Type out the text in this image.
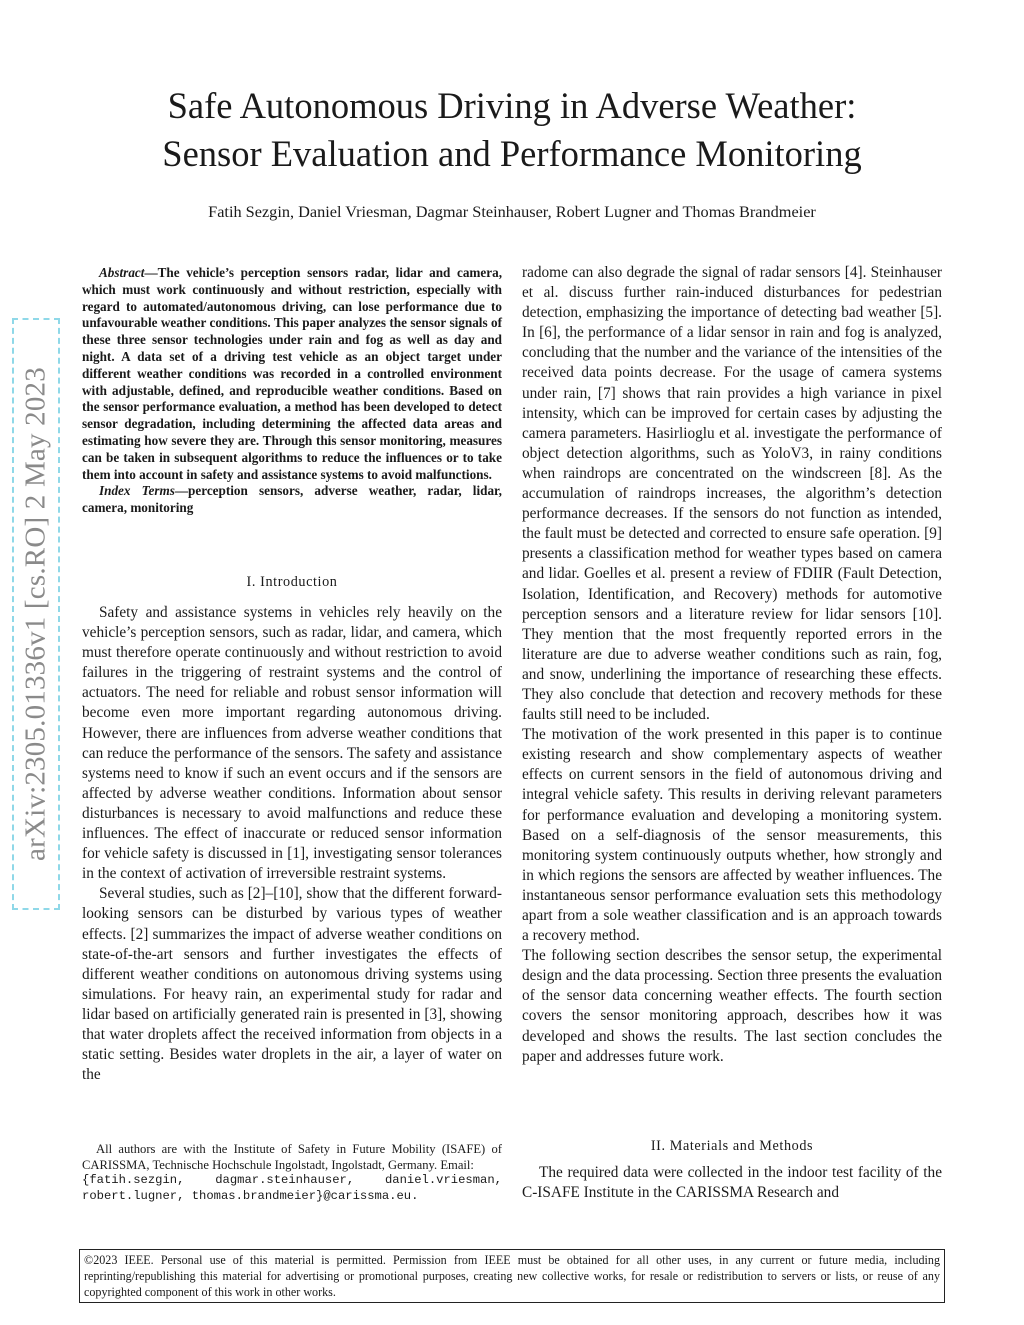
Safe Autonomous Driving in Adverse Weather:
Sensor Evaluation and Performance Monitoring
Fatih Sezgin, Daniel Vriesman, Dagmar Steinhauser, Robert Lugner and Thomas Brandmeier
arXiv:2305.01336v1 [cs.RO] 2 May 2023

Abstract—The vehicle’s perception sensors radar, lidar and camera, which must work continuously and without restriction, especially with regard to automated/autonomous driving, can lose performance due to unfavourable weather conditions. This paper analyzes the sensor signals of these three sensor technologies under rain and fog as well as day and night. A data set of a driving test vehicle as an object target under different weather conditions was recorded in a controlled environment with adjustable, defined, and reproducible weather conditions. Based on the sensor performance evaluation, a method has been developed to detect sensor degradation, including determining the affected data areas and estimating how severe they are. Through this sensor monitoring, measures can be taken in subsequent algorithms to reduce the influences or to take them into account in safety and assistance systems to avoid malfunctions.

Index Terms—perception sensors, adverse weather, radar, lidar, camera, monitoring

I. Introduction

Safety and assistance systems in vehicles rely heavily on the vehicle’s perception sensors, such as radar, lidar, and camera, which must therefore operate continuously and without restriction to avoid failures in the triggering of restraint systems and the control of actuators. The need for reliable and robust sensor information will become even more important regarding autonomous driving. However, there are influences from adverse weather conditions that can reduce the performance of the sensors. The safety and assistance systems need to know if such an event occurs and if the sensors are affected by adverse weather conditions. Information about sensor disturbances is necessary to avoid malfunctions and reduce these influences. The effect of inaccurate or reduced sensor information for vehicle safety is discussed in [1], investigating sensor tolerances in the context of activation of irreversible restraint systems.

Several studies, such as [2]–[10], show that the different forward-looking sensors can be disturbed by various types of weather effects. [2] summarizes the impact of adverse weather conditions on state-of-the-art sensors and further investigates the effects of different weather conditions on autonomous driving systems using simulations. For heavy rain, an experimental study for radar and lidar based on artificially generated rain is presented in [3], showing that water droplets affect the received information from objects in a static setting. Besides water droplets in the air, a layer of water on the

radome can also degrade the signal of radar sensors [4]. Steinhauser et al. discuss further rain-induced disturbances for pedestrian detection, emphasizing the importance of detecting bad weather [5]. In [6], the performance of a lidar sensor in rain and fog is analyzed, concluding that the number and the variance of the intensities of the received data points decrease. For the usage of camera systems under rain, [7] shows that rain provides a high variance in pixel intensity, which can be improved for certain cases by adjusting the camera parameters. Hasirlioglu et al. investigate the performance of object detection algorithms, such as YoloV3, in rainy conditions when raindrops are concentrated on the windscreen [8]. As the accumulation of raindrops increases, the algorithm’s detection performance decreases. If the sensors do not function as intended, the fault must be detected and corrected to ensure safe operation. [9] presents a classification method for weather types based on camera and lidar. Goelles et al. present a review of FDIIR (Fault Detection, Isolation, Identification, and Recovery) methods for automotive perception sensors and a literature review for lidar sensors [10]. They mention that the most frequently reported errors in the literature are due to adverse weather conditions such as rain, fog, and snow, underlining the importance of researching these effects. They also conclude that detection and recovery methods for these faults still need to be included.

The motivation of the work presented in this paper is to continue existing research and show complementary aspects of weather effects on current sensors in the field of autonomous driving and integral vehicle safety. This results in deriving relevant parameters for performance evaluation and developing a monitoring system. Based on a self-diagnosis of the sensor measurements, this monitoring system continuously outputs whether, how strongly and in which regions the sensors are affected by weather influences. The instantaneous sensor performance evaluation sets this methodology apart from a sole weather classification and is an approach towards a recovery method.

The following section describes the sensor setup, the experimental design and the data processing. Section three presents the evaluation of the sensor data concerning weather effects. The fourth section covers the sensor monitoring approach, describes how it was developed and shows the results. The last section concludes the paper and addresses future work.

II. Materials and Methods

The required data were collected in the indoor test facility of the C-ISAFE Institute in the CARISSMA Research and

All authors are with the Institute of Safety in Future Mobility (ISAFE) of CARISSMA, Technische Hochschule Ingolstadt, Ingolstadt, Germany. Email:
{fatih.sezgin, dagmar.steinhauser, daniel.vriesman, robert.lugner, thomas.brandmeier}@carissma.eu.
©2023 IEEE. Personal use of this material is permitted. Permission from IEEE must be obtained for all other uses, in any current or future media, including reprinting/republishing this material for advertising or promotional purposes, creating new collective works, for resale or redistribution to servers or lists, or reuse of any copyrighted component of this work in other works.
